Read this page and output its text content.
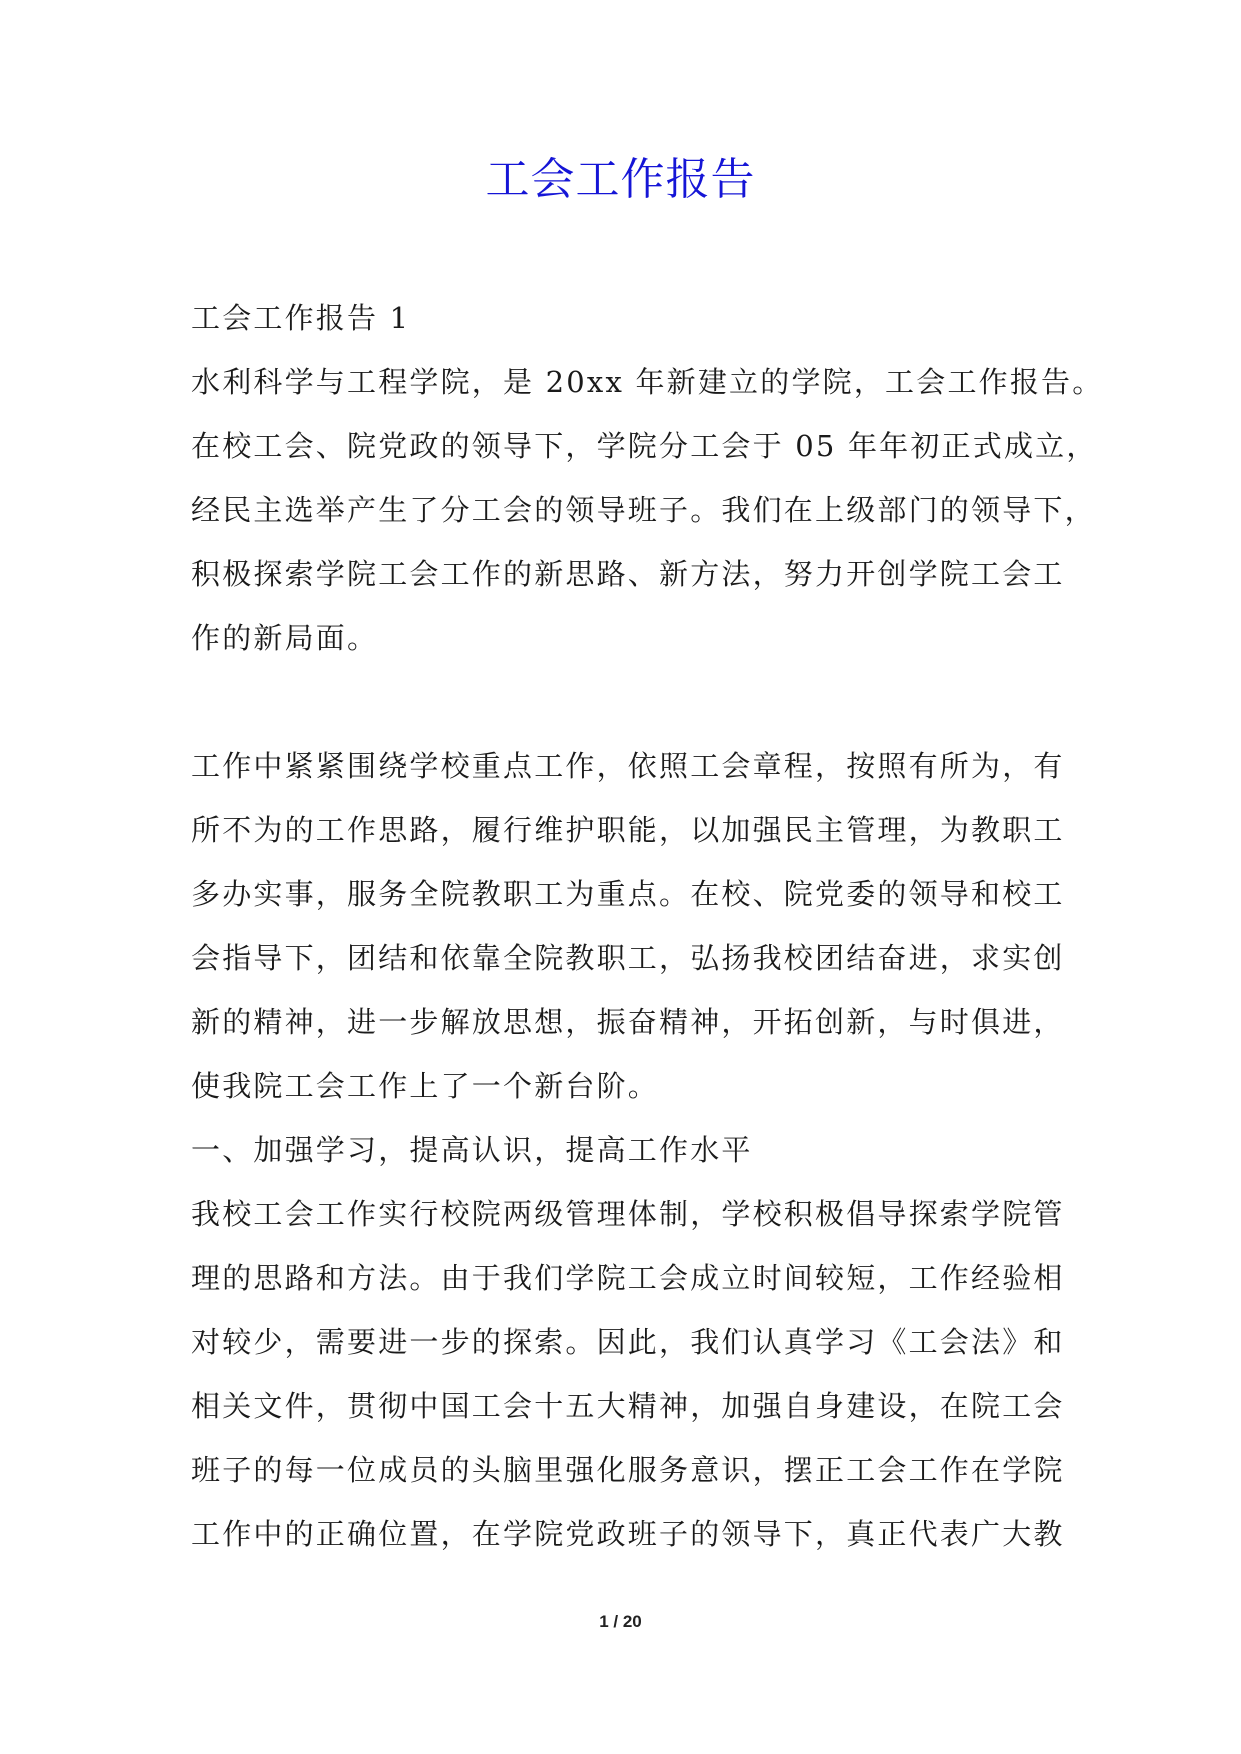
工会工作报告
工会工作报告 1
水利科学与工程学院，是 20xx 年新建立的学院，工会工作报告。
在校工会、院党政的领导下，学院分工会于 05 年年初正式成立，
经民主选举产生了分工会的领导班子。我们在上级部门的领导下，
积极探索学院工会工作的新思路、新方法，努力开创学院工会工
作的新局面。
工作中紧紧围绕学校重点工作，依照工会章程，按照有所为，有
所不为的工作思路，履行维护职能，以加强民主管理，为教职工
多办实事，服务全院教职工为重点。在校、院党委的领导和校工
会指导下，团结和依靠全院教职工，弘扬我校团结奋进，求实创
新的精神，进一步解放思想，振奋精神，开拓创新，与时俱进，
使我院工会工作上了一个新台阶。
一、加强学习，提高认识，提高工作水平
我校工会工作实行校院两级管理体制，学校积极倡导探索学院管
理的思路和方法。由于我们学院工会成立时间较短，工作经验相
对较少，需要进一步的探索。因此，我们认真学习《工会法》和
相关文件，贯彻中国工会十五大精神，加强自身建设，在院工会
班子的每一位成员的头脑里强化服务意识，摆正工会工作在学院
工作中的正确位置，在学院党政班子的领导下，真正代表广大教
1 / 20
